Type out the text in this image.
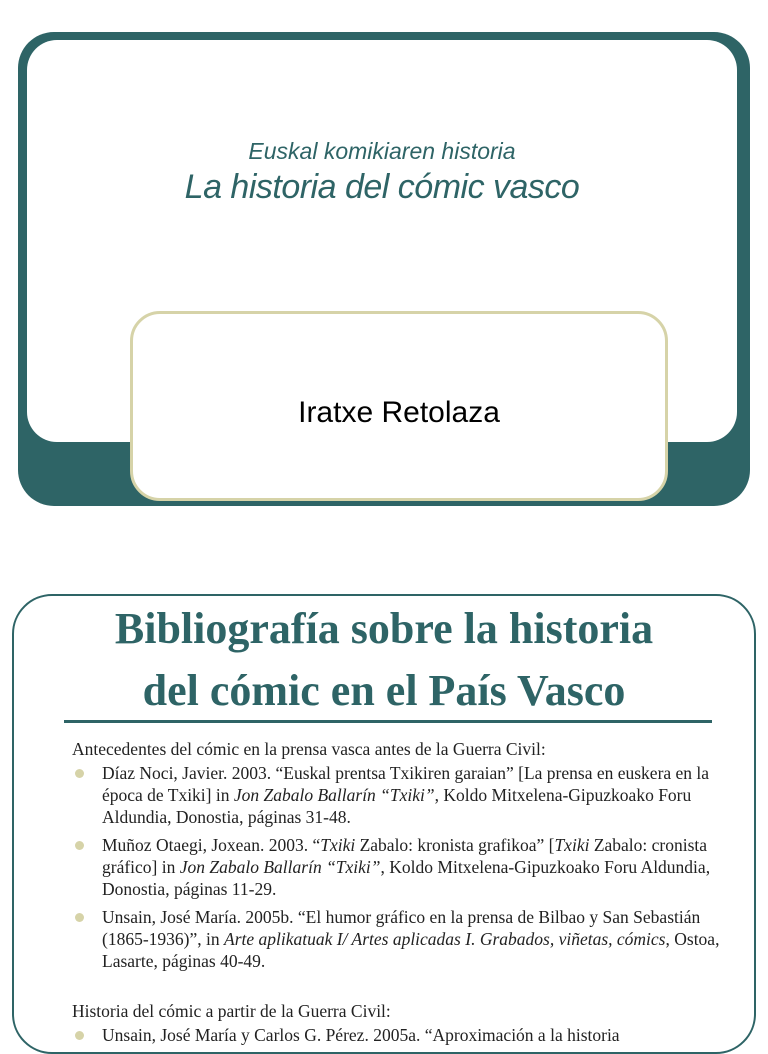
Euskal komikiaren historia
La historia del cómic vasco
Iratxe Retolaza
Bibliografía sobre la historia
del cómic en el País Vasco
Antecedentes del cómic en la prensa vasca antes de la Guerra Civil:
Díaz Noci, Javier. 2003. “Euskal prentsa Txikiren garaian” [La prensa en euskera en la época de Txiki] in Jon Zabalo Ballarín “Txiki”, Koldo Mitxelena-Gipuzkoako Foru Aldundia, Donostia, páginas 31-48.
Muñoz Otaegi, Joxean. 2003. “Txiki Zabalo: kronista grafikoa” [Txiki Zabalo: cronista gráfico] in Jon Zabalo Ballarín “Txiki”, Koldo Mitxelena-Gipuzkoako Foru Aldundia, Donostia, páginas 11-29.
Unsain, José María. 2005b. “El humor gráfico en la prensa de Bilbao y San Sebastián (1865-1936)”, in Arte aplikatuak I/ Artes aplicadas I. Grabados, viñetas, cómics, Ostoa, Lasarte, páginas 40-49.
Historia del cómic a partir de la Guerra Civil:
Unsain, José María y Carlos G. Pérez. 2005a. “Aproximación a la historia
